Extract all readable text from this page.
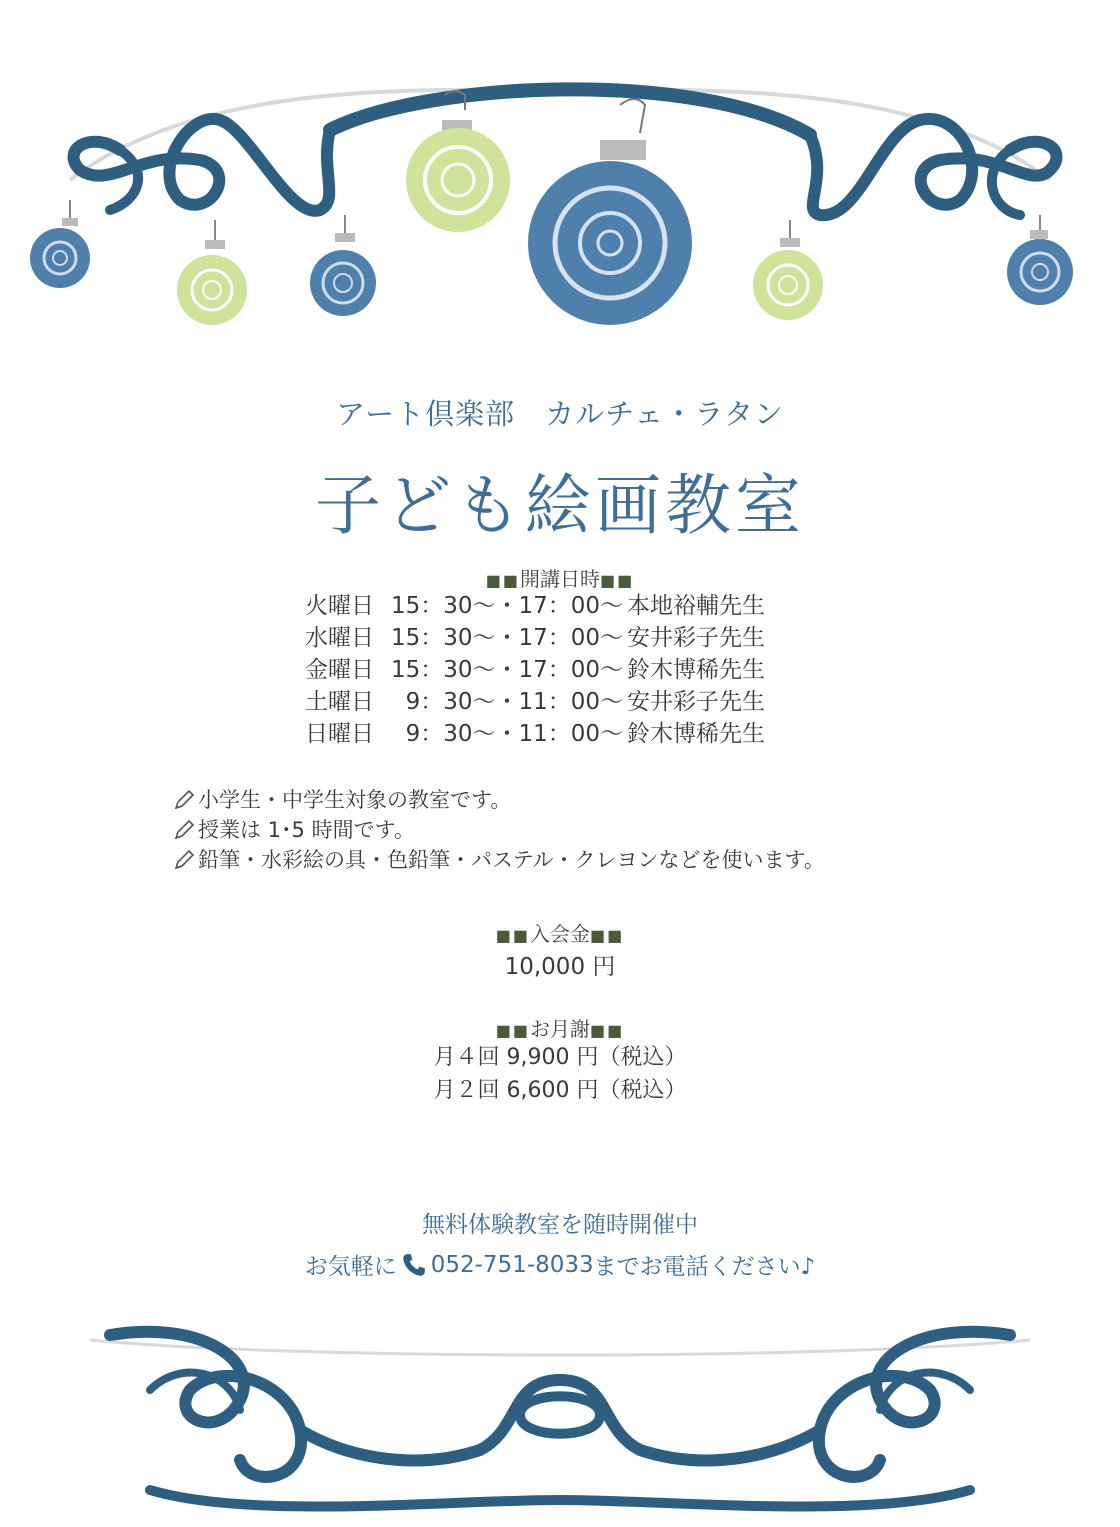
アート倶楽部　カルチェ・ラタン
子ども絵画教室
■■開講日時■■
火曜日 15：30～・17：00～ 本地裕輔先生
水曜日 15：30～・17：00～ 安井彩子先生
金曜日 15：30～・17：00～ 鈴木博稀先生
土曜日  9：30～・11：00～ 安井彩子先生
日曜日  9：30～・11：00～ 鈴木博稀先生
小学生・中学生対象の教室です。
授業は 1･5 時間です。
鉛筆・水彩絵の具・色鉛筆・パステル・クレヨンなどを使います。
■■入会金■■
10,000 円
■■お月謝■■
月４回 9,900 円（税込）
月２回 6,600 円（税込）
無料体験教室を随時開催中
お気軽に 052-751-8033 までお電話ください♪
